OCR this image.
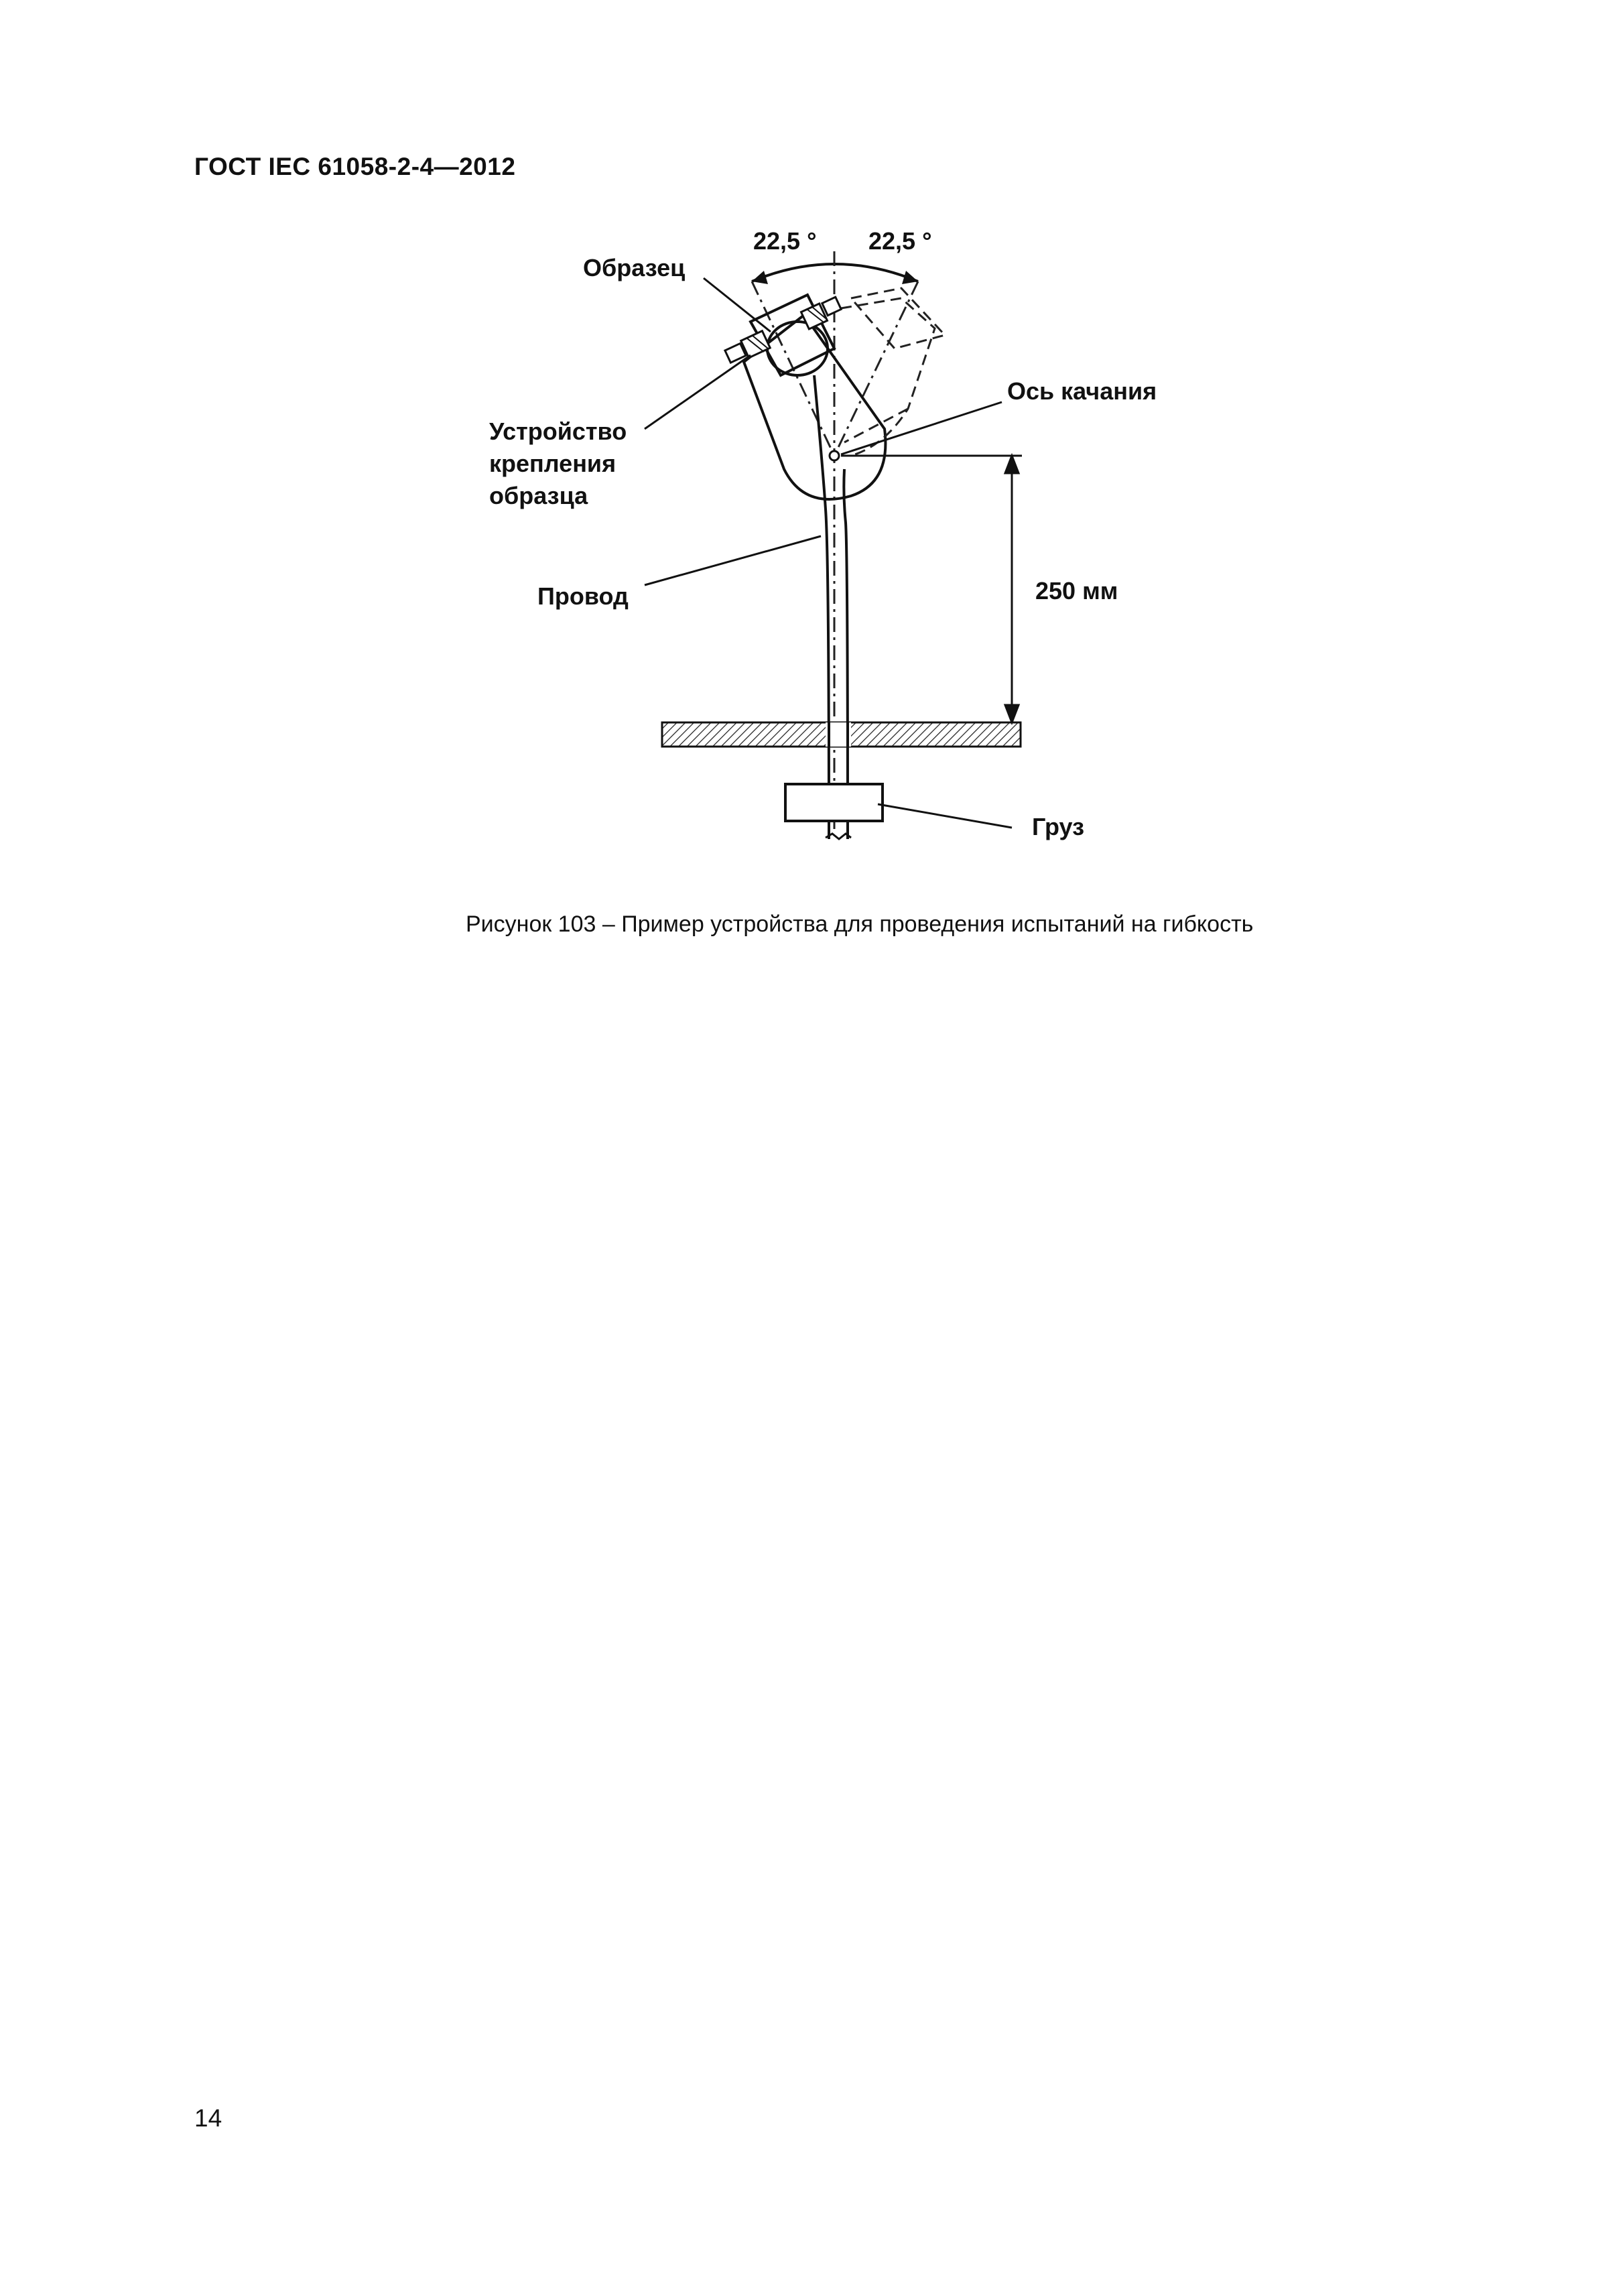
ГОСТ IEC 61058-2-4—2012
22,5 ° 22,5 °
Образец
Ось качания
Устройство
крепления
образца
Провод	250 мм
Груз
Рисунок 103 – Пример устройства для проведения испытаний на гибкость
14
